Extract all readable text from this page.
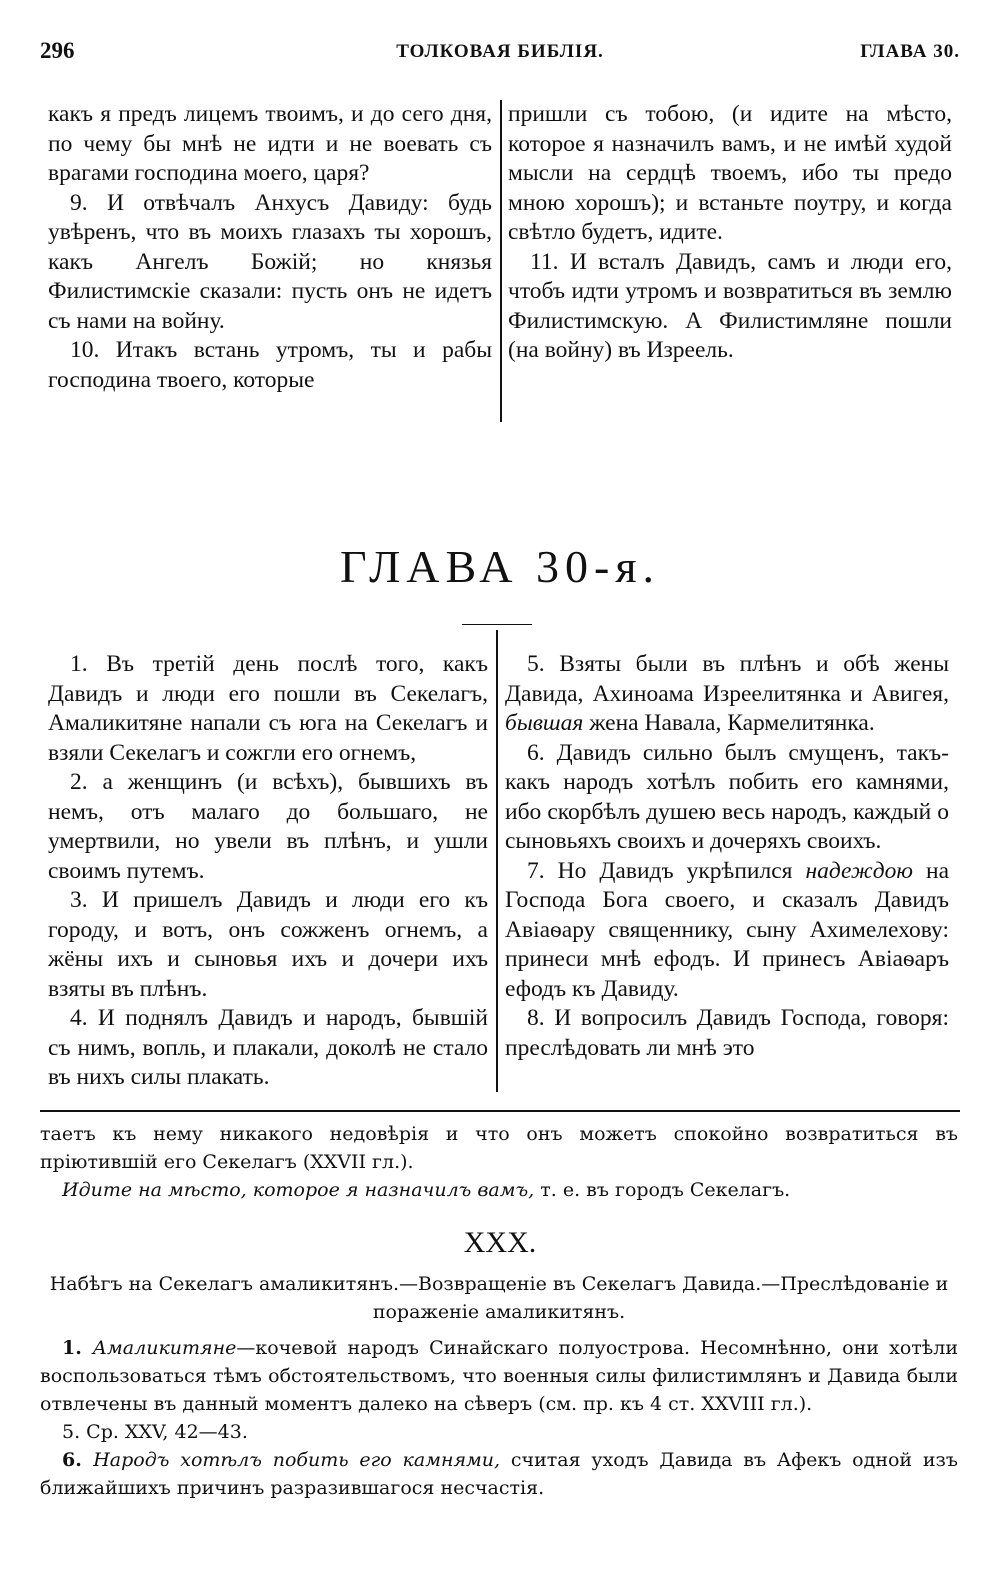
296	ТОЛКОВАЯ БИБЛІЯ.	ГЛАВА 30.

какъ я предъ лицемъ твоимъ, и до сего дня, по чему бы мнѣ не идти и не воевать съ врагами господина моего, царя?

9. И отвѣчалъ Анхусъ Давиду: будь увѣренъ, что въ моихъ глазахъ ты хорошъ, какъ Ангелъ Божій; но князья Филистимскіе сказали: пусть онъ не идетъ съ нами на войну.

10. Итакъ встань утромъ, ты и рабы господина твоего, которые

пришли съ тобою, (и идите на мѣсто, которое я назначилъ вамъ, и не имѣй худой мысли на сердцѣ твоемъ, ибо ты предо мною хорошъ); и встаньте поутру, и когда свѣтло будетъ, идите.

11. И всталъ Давидъ, самъ и люди его, чтобъ идти утромъ и возвратиться въ землю Филистимскую. А Филистимляне пошли (на войну) въ Изреель.

ГЛАВА 30-я.

1. Въ третій день послѣ того, какъ Давидъ и люди его пошли въ Секелагъ, Амаликитяне напали съ юга на Секелагъ и взяли Секелагъ и сожгли его огнемъ,

2. а женщинъ (и всѣхъ), бывшихъ въ немъ, отъ малаго до большаго, не умертвили, но увели въ плѣнъ, и ушли своимъ путемъ.

3. И пришелъ Давидъ и люди его къ городу, и вотъ, онъ сожженъ огнемъ, а жёны ихъ и сыновья ихъ и дочери ихъ взяты въ плѣнъ.

4. И поднялъ Давидъ и народъ, бывшій съ нимъ, вопль, и плакали, доколѣ не стало въ нихъ силы плакать.

5. Взяты были въ плѣнъ и обѣ жены Давида, Ахиноама Изреелитянка и Авигея, бывшая жена Навала, Кармелитянка.

6. Давидъ сильно былъ смущенъ, такъ-какъ народъ хотѣлъ побить его камнями, ибо скорбѣлъ душею весь народъ, каждый о сыновьяхъ своихъ и дочеряхъ своихъ.

7. Но Давидъ укрѣпился надеждою на Господа Бога своего, и сказалъ Давидъ Авіаѳару священнику, сыну Ахимелехову: принеси мнѣ ефодъ. И принесъ Авіаѳаръ ефодъ къ Давиду.

8. И вопросилъ Давидъ Господа, говоря: преслѣдовать ли мнѣ это

таетъ къ нему никакого недовѣрія и что онъ можетъ спокойно возвратиться въ пріютившій его Секелагъ (XXVII гл.).

Идите на мѣсто, которое я назначилъ вамъ, т. е. въ городъ Секелагъ.

XXX.

Набѣгъ на Секелагъ амаликитянъ.—Возвращеніе въ Секелагъ Давида.—Преслѣдованіе и пораженіе амаликитянъ.

1. Амаликитяне—кочевой народъ Синайскаго полуострова. Несомнѣнно, они хотѣли воспользоваться тѣмъ обстоятельствомъ, что военныя силы филистимлянъ и Давида были отвлечены въ данный моментъ далеко на сѣверъ (см. пр. къ 4 ст. XXVIII гл.).

5. Ср. XXV, 42—43.

6. Народъ хотѣлъ побить его камнями, считая уходъ Давида въ Афекъ одной изъ ближайшихъ причинъ разразившагося несчастія.
